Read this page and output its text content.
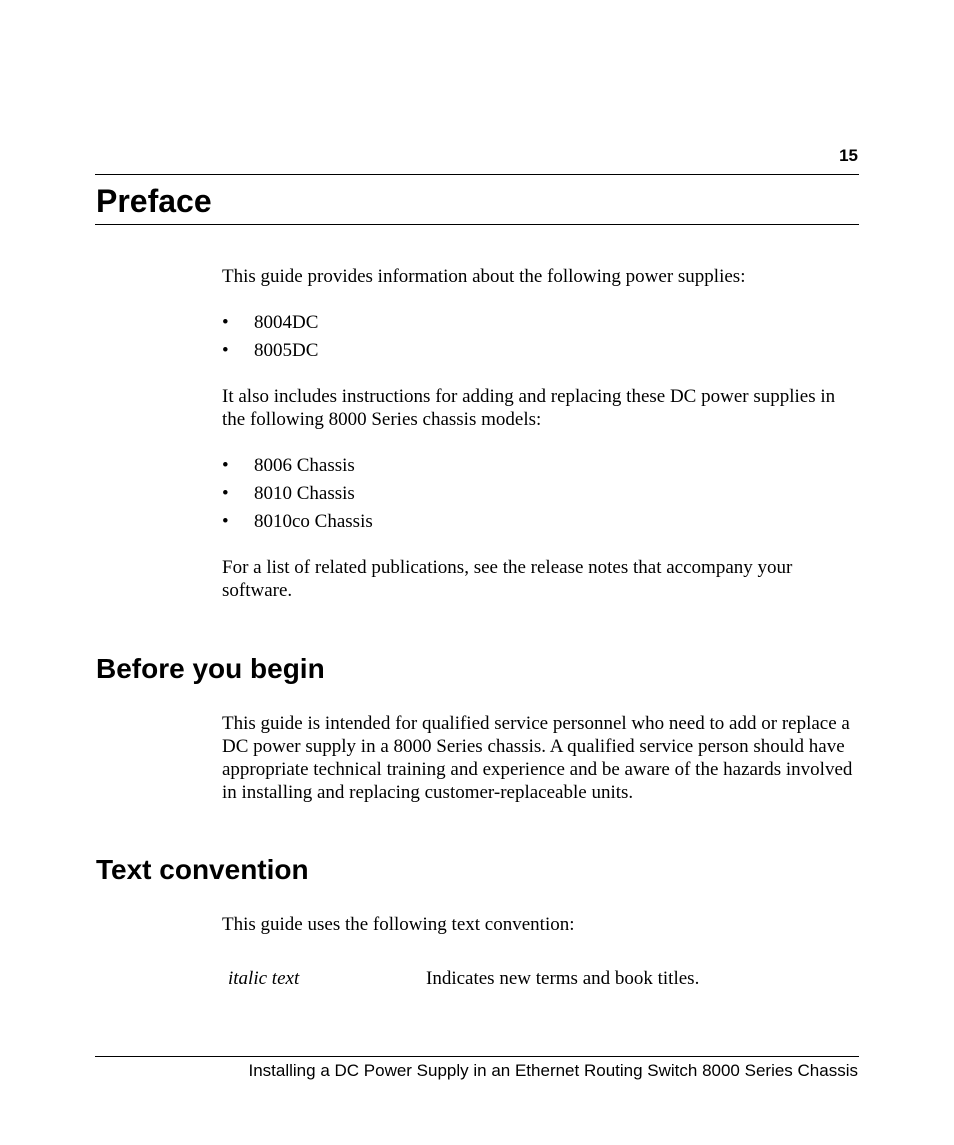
15
Preface

This guide provides information about the following power supplies:

• 8004DC
• 8005DC

It also includes instructions for adding and replacing these DC power supplies in the following 8000 Series chassis models:

• 8006 Chassis
• 8010 Chassis
• 8010co Chassis

For a list of related publications, see the release notes that accompany your software.

Before you begin

This guide is intended for qualified service personnel who need to add or replace a DC power supply in a 8000 Series chassis. A qualified service person should have appropriate technical training and experience and be aware of the hazards involved in installing and replacing customer-replaceable units.

Text convention

This guide uses the following text convention:

italic text	Indicates new terms and book titles.
Installing a DC Power Supply in an Ethernet Routing Switch 8000 Series Chassis
